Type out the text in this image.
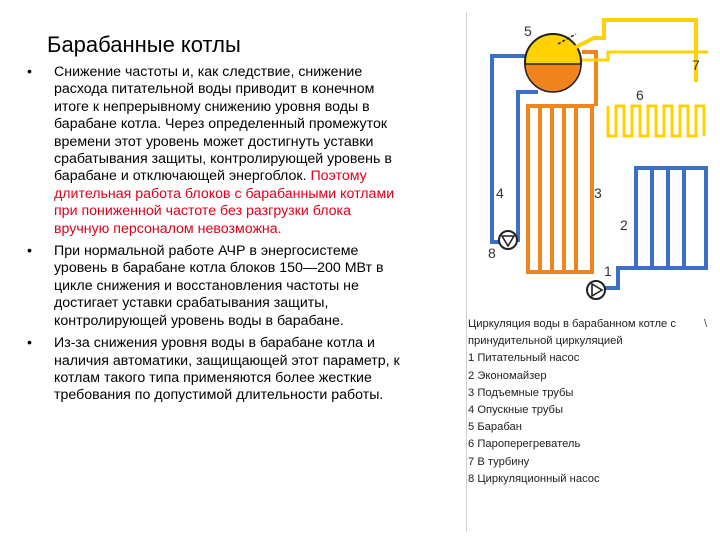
Барабанные котлы
• Снижение частоты и, как следствие, снижение расхода питательной воды приводит в конечном итоге к непрерывному снижению уровня воды в барабане котла. Через определенный промежуток времени этот уровень может достигнуть уставки срабатывания защиты, контролирующей уровень в барабане и отключающей энергоблок. Поэтому длительная работа блоков с барабанными котлами при пониженной частоте без разгрузки блока вручную персоналом невозможна.
• При нормальной работе АЧР в энергосистеме уровень в барабане котла блоков 150—200 МВт в цикле снижения и восстановления частоты не достигает уставки срабатывания защиты, контролирующей уровень воды в барабане.
• Из-за снижения уровня воды в барабане котла и наличия автоматики, защищающей этот параметр, к котлам такого типа применяются более жесткие требования по допустимой длительности работы.
5
7
6
4	3
2
8
1
\
Циркуляция воды в барабанном котле с принудительной циркуляцией
1 Питательный насос
2 Экономайзер
3 Подъемные трубы
4 Опускные трубы
5 Барабан
6 Пароперегреватель
7 В турбину
8 Циркуляционный насос
